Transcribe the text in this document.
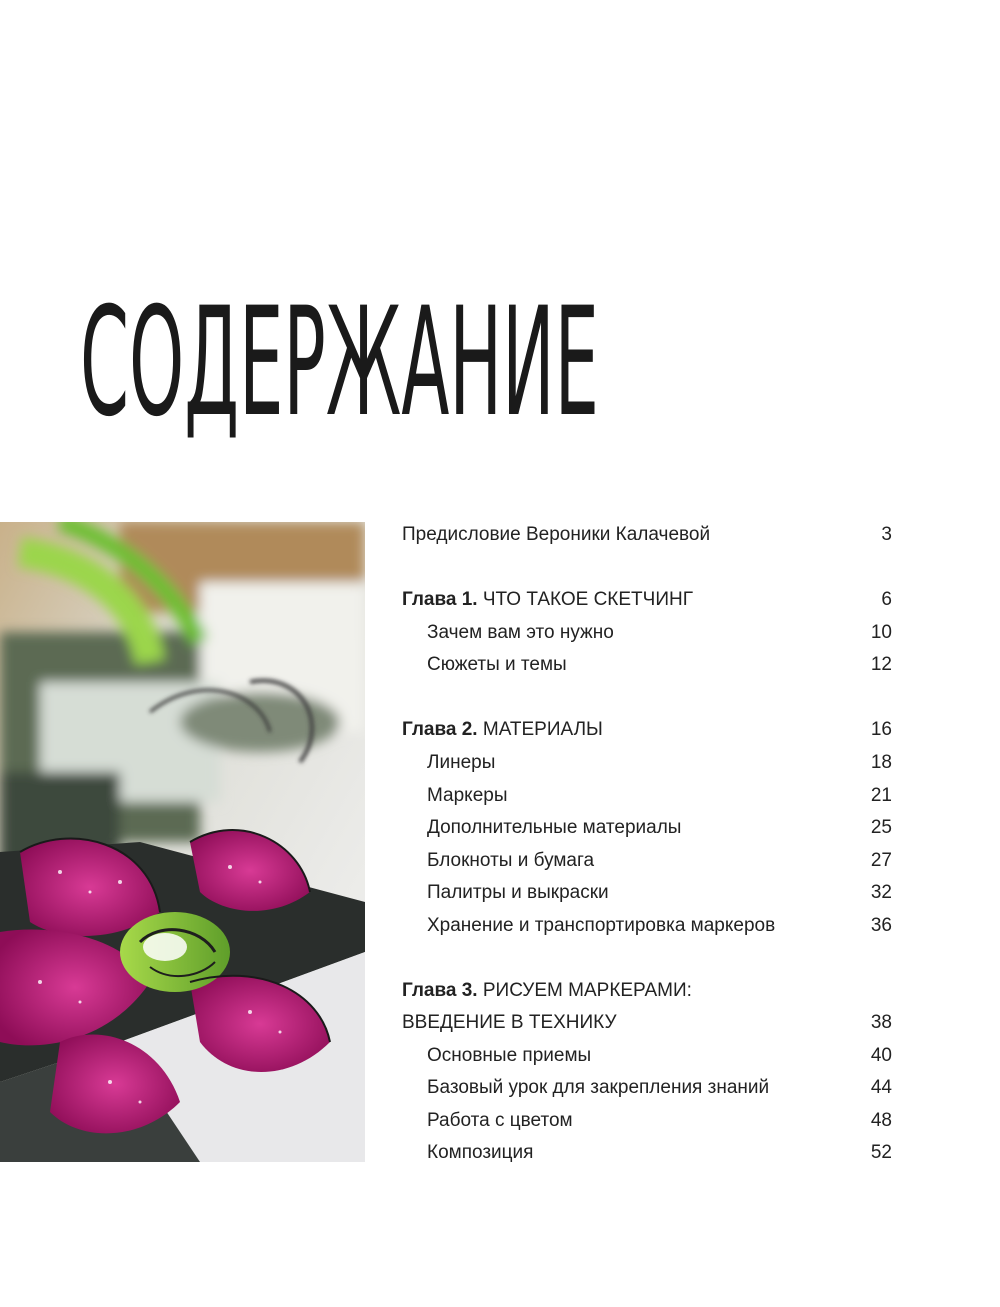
СОДЕРЖАНИЕ
Предисловие Вероники Калачевой	3
Глава 1. ЧТО ТАКОЕ СКЕТЧИНГ	6
Зачем вам это нужно	10
Сюжеты и темы	12
Глава 2. МАТЕРИАЛЫ	16
Линеры	18
Маркеры	21
Дополнительные материалы	25
Блокноты и бумага	27
Палитры и выкраски	32
Хранение и транспортировка маркеров	36
Глава 3. РИСУЕМ МАРКЕРАМИ:
ВВЕДЕНИЕ В ТЕХНИКУ	38
Основные приемы	40
Базовый урок для закрепления знаний	44
Работа с цветом	48
Композиция	52
